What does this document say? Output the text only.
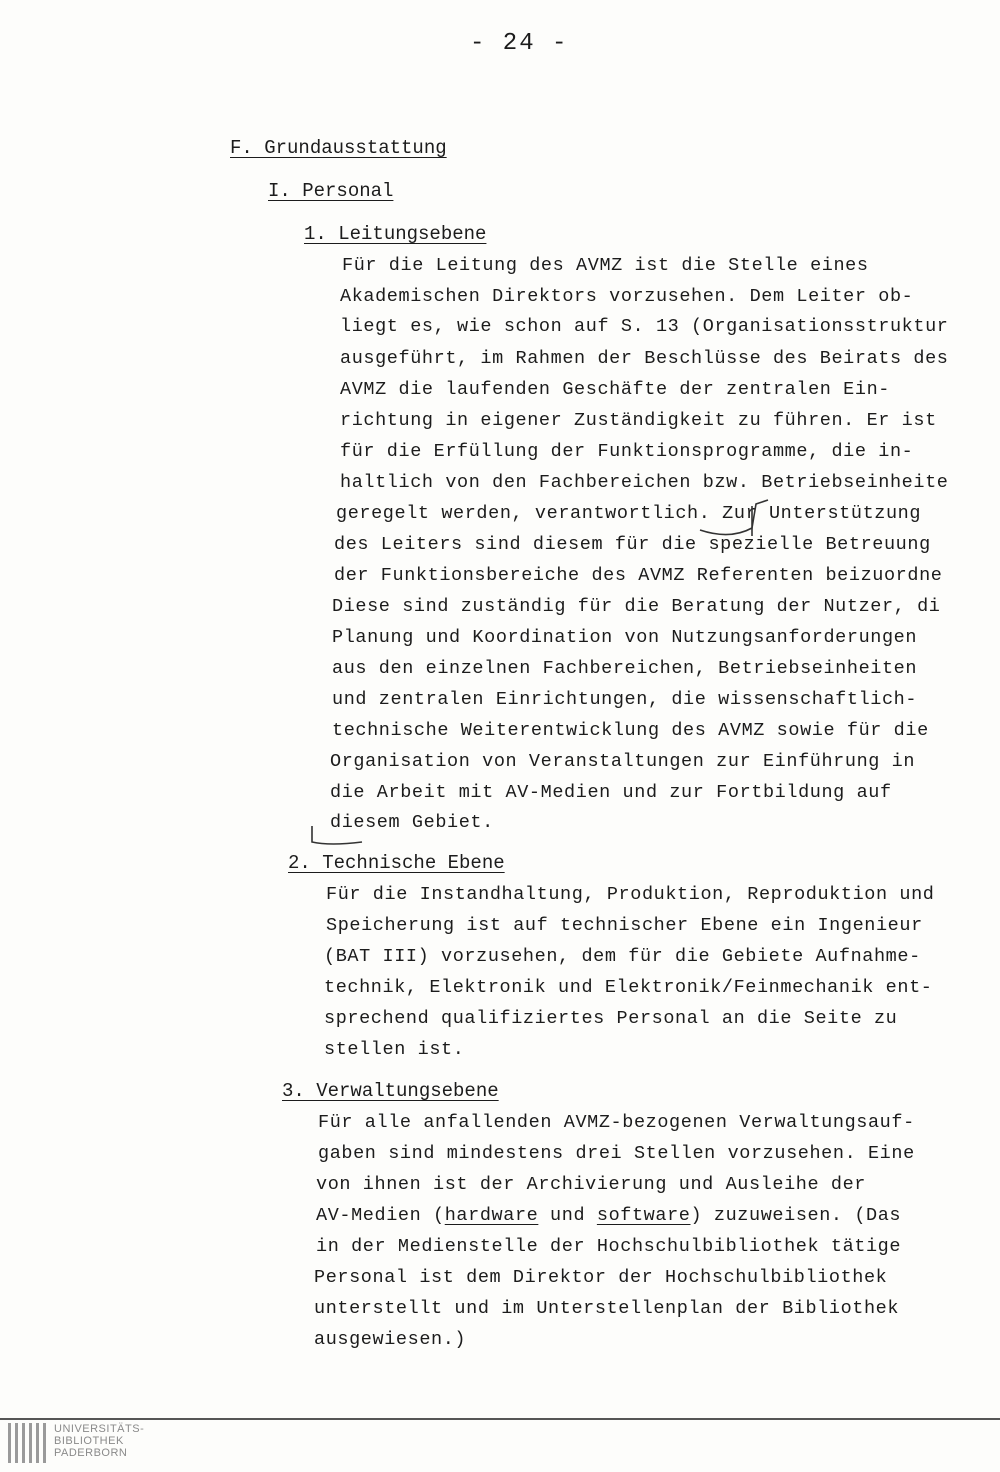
- 24 -
F. Grundausstattung
I. Personal
1. Leitungsebene
Für die Leitung des AVMZ ist die Stelle eines
Akademischen Direktors vorzusehen. Dem Leiter ob-
liegt es, wie schon auf S. 13 (Organisationsstruktur
ausgeführt, im Rahmen der Beschlüsse des Beirats des
AVMZ die laufenden Geschäfte der zentralen Ein-
richtung in eigener Zuständigkeit zu führen. Er ist
für die Erfüllung der Funktionsprogramme, die in-
haltlich von den Fachbereichen bzw. Betriebseinheite
geregelt werden, verantwortlich. Zur Unterstützung
des Leiters sind diesem für die spezielle Betreuung
der Funktionsbereiche des AVMZ Referenten beizuordne
Diese sind zuständig für die Beratung der Nutzer, di
Planung und Koordination von Nutzungsanforderungen
aus den einzelnen Fachbereichen, Betriebseinheiten
und zentralen Einrichtungen, die wissenschaftlich-
technische Weiterentwicklung des AVMZ sowie für die
Organisation von Veranstaltungen zur Einführung in
die Arbeit mit AV-Medien und zur Fortbildung auf
diesem Gebiet.
2. Technische Ebene
Für die Instandhaltung, Produktion, Reproduktion und
Speicherung ist auf technischer Ebene ein Ingenieur
(BAT III) vorzusehen, dem für die Gebiete Aufnahme-
technik, Elektronik und Elektronik/Feinmechanik ent-
sprechend qualifiziertes Personal an die Seite zu
stellen ist.
3. Verwaltungsebene
Für alle anfallenden AVMZ-bezogenen Verwaltungsauf-
gaben sind mindestens drei Stellen vorzusehen. Eine
von ihnen ist der Archivierung und Ausleihe der
AV-Medien (hardware und software) zuzuweisen. (Das
in der Medienstelle der Hochschulbibliothek tätige
Personal ist dem Direktor der Hochschulbibliothek
unterstellt und im Unterstellenplan der Bibliothek
ausgewiesen.)
UNIVERSITÄTS-
BIBLIOTHEK
PADERBORN
